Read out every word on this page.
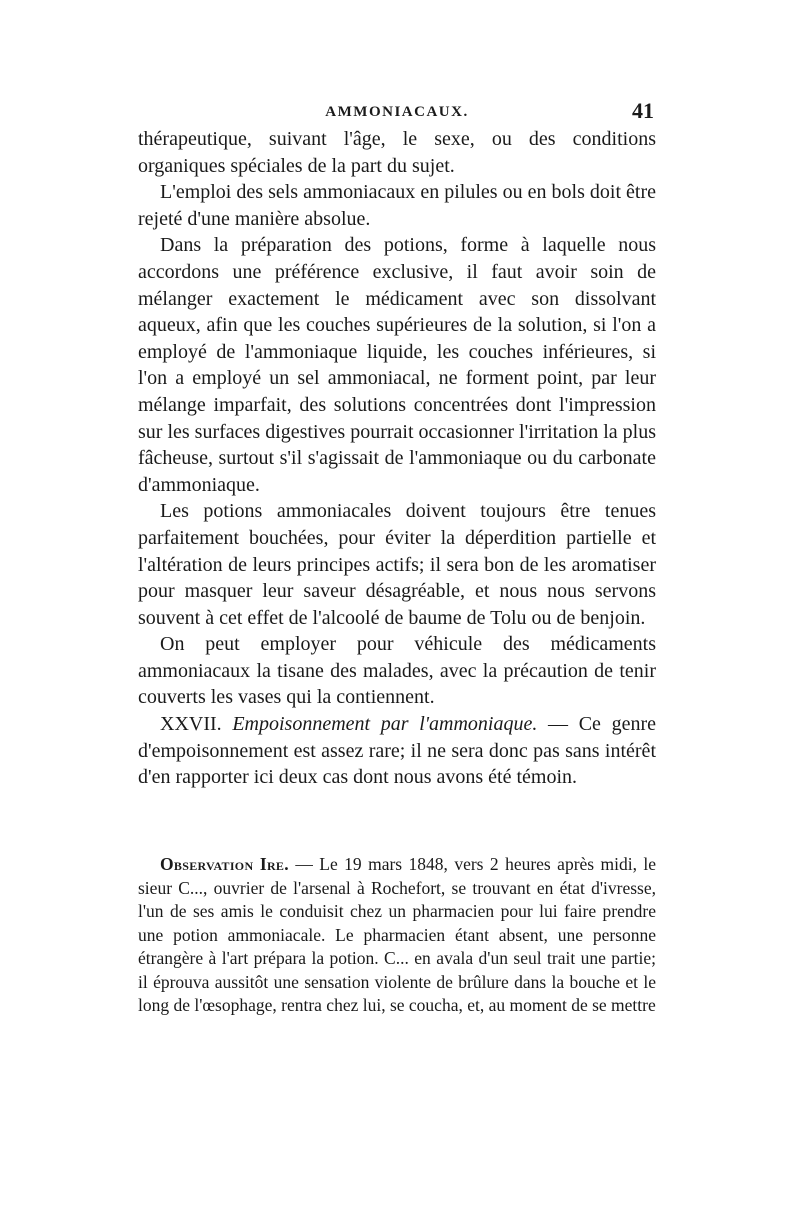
AMMONIACAUX.	41

thérapeutique, suivant l'âge, le sexe, ou des conditions organiques spéciales de la part du sujet.

L'emploi des sels ammoniacaux en pilules ou en bols doit être rejeté d'une manière absolue.

Dans la préparation des potions, forme à laquelle nous accordons une préférence exclusive, il faut avoir soin de mélanger exactement le médicament avec son dissolvant aqueux, afin que les couches supérieures de la solution, si l'on a employé de l'ammoniaque liquide, les couches inférieures, si l'on a employé un sel ammoniacal, ne forment point, par leur mélange imparfait, des solutions concentrées dont l'impression sur les surfaces digestives pourrait occasionner l'irritation la plus fâcheuse, surtout s'il s'agissait de l'ammoniaque ou du carbonate d'ammoniaque.

Les potions ammoniacales doivent toujours être tenues parfaitement bouchées, pour éviter la déperdition partielle et l'altération de leurs principes actifs; il sera bon de les aromatiser pour masquer leur saveur désagréable, et nous nous servons souvent à cet effet de l'alcoolé de baume de Tolu ou de benjoin.

On peut employer pour véhicule des médicaments ammoniacaux la tisane des malades, avec la précaution de tenir couverts les vases qui la contiennent.

XXVII. Empoisonnement par l'ammoniaque. — Ce genre d'empoisonnement est assez rare; il ne sera donc pas sans intérêt d'en rapporter ici deux cas dont nous avons été témoin.

Observation Ire. — Le 19 mars 1848, vers 2 heures après midi, le sieur C..., ouvrier de l'arsenal à Rochefort, se trouvant en état d'ivresse, l'un de ses amis le conduisit chez un pharmacien pour lui faire prendre une potion ammoniacale. Le pharmacien étant absent, une personne étrangère à l'art prépara la potion. C... en avala d'un seul trait une partie; il éprouva aussitôt une sensation violente de brûlure dans la bouche et le long de l'œsophage, rentra chez lui, se coucha, et, au moment de se mettre
